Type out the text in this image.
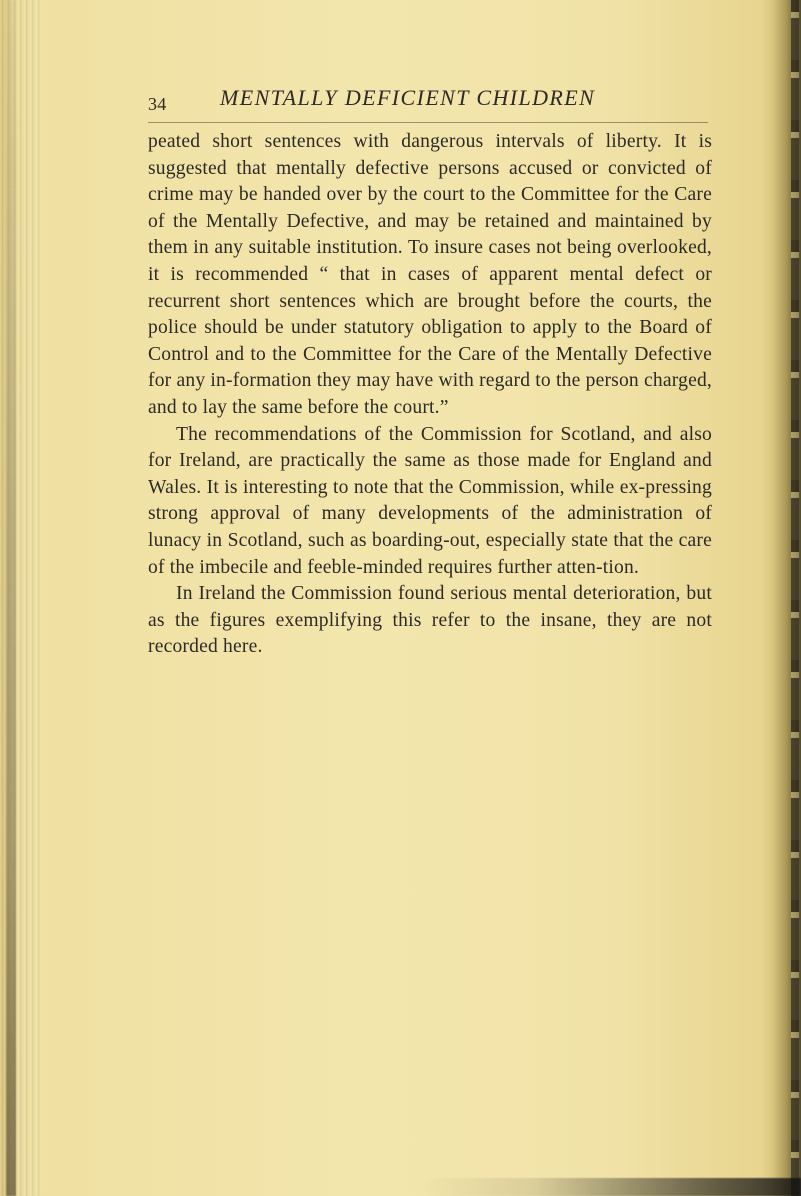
34 MENTALLY DEFICIENT CHILDREN

peated short sentences with dangerous intervals of liberty. It is suggested that mentally defective persons accused or convicted of crime may be handed over by the court to the Committee for the Care of the Mentally Defective, and may be retained and maintained by them in any suitable institution. To insure cases not being overlooked, it is recommended “ that in cases of apparent mental defect or recurrent short sentences which are brought before the courts, the police should be under statutory obligation to apply to the Board of Control and to the Committee for the Care of the Mentally Defective for any in-formation they may have with regard to the person charged, and to lay the same before the court.”

The recommendations of the Commission for Scotland, and also for Ireland, are practically the same as those made for England and Wales. It is interesting to note that the Commission, while ex-pressing strong approval of many developments of the administration of lunacy in Scotland, such as boarding-out, especially state that the care of the imbecile and feeble-minded requires further atten-tion.

In Ireland the Commission found serious mental deterioration, but as the figures exemplifying this refer to the insane, they are not recorded here.
